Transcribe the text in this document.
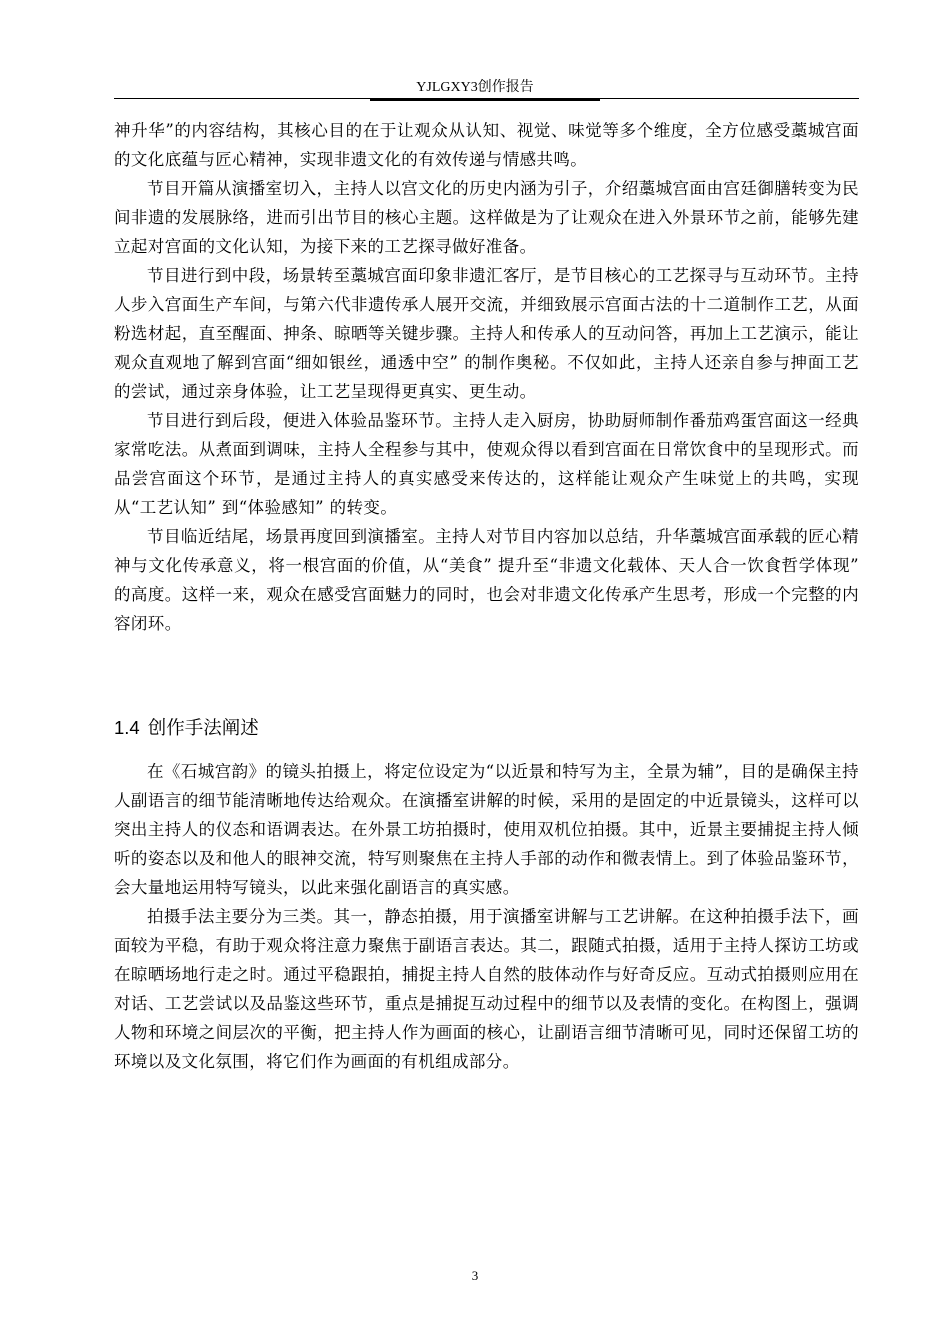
YJLGXY3创作报告

神升华”的内容结构，其核心目的在于让观众从认知、视觉、味觉等多个维度，全方位感受藁城宫面的文化底蕴与匠心精神，实现非遗文化的有效传递与情感共鸣。

节目开篇从演播室切入，主持人以宫文化的历史内涵为引子，介绍藁城宫面由宫廷御膳转变为民间非遗的发展脉络，进而引出节目的核心主题。这样做是为了让观众在进入外景环节之前，能够先建立起对宫面的文化认知，为接下来的工艺探寻做好准备。

节目进行到中段，场景转至藁城宫面印象非遗汇客厅，是节目核心的工艺探寻与互动环节。主持人步入宫面生产车间，与第六代非遗传承人展开交流，并细致展示宫面古法的十二道制作工艺，从面粉选材起，直至醒面、抻条、晾晒等关键步骤。主持人和传承人的互动问答，再加上工艺演示，能让观众直观地了解到宫面“细如银丝，通透中空” 的制作奥秘。不仅如此，主持人还亲自参与抻面工艺的尝试，通过亲身体验，让工艺呈现得更真实、更生动。

节目进行到后段，便进入体验品鉴环节。主持人走入厨房，协助厨师制作番茄鸡蛋宫面这一经典家常吃法。从煮面到调味，主持人全程参与其中，使观众得以看到宫面在日常饮食中的呈现形式。而品尝宫面这个环节，是通过主持人的真实感受来传达的，这样能让观众产生味觉上的共鸣，实现从“工艺认知” 到“体验感知” 的转变。

节目临近结尾，场景再度回到演播室。主持人对节目内容加以总结，升华藁城宫面承载的匠心精神与文化传承意义，将一根宫面的价值，从“美食” 提升至“非遗文化载体、天人合一饮食哲学体现” 的高度。这样一来，观众在感受宫面魅力的同时，也会对非遗文化传承产生思考，形成一个完整的内容闭环。

1.4 创作手法阐述

在《石城宫韵》的镜头拍摄上，将定位设定为“以近景和特写为主，全景为辅”，目的是确保主持人副语言的细节能清晰地传达给观众。在演播室讲解的时候，采用的是固定的中近景镜头，这样可以突出主持人的仪态和语调表达。在外景工坊拍摄时，使用双机位拍摄。其中，近景主要捕捉主持人倾听的姿态以及和他人的眼神交流，特写则聚焦在主持人手部的动作和微表情上。到了体验品鉴环节，会大量地运用特写镜头，以此来强化副语言的真实感。

拍摄手法主要分为三类。其一，静态拍摄，用于演播室讲解与工艺讲解。在这种拍摄手法下，画面较为平稳，有助于观众将注意力聚焦于副语言表达。其二，跟随式拍摄，适用于主持人探访工坊或在晾晒场地行走之时。通过平稳跟拍，捕捉主持人自然的肢体动作与好奇反应。互动式拍摄则应用在对话、工艺尝试以及品鉴这些环节，重点是捕捉互动过程中的细节以及表情的变化。在构图上，强调人物和环境之间层次的平衡，把主持人作为画面的核心，让副语言细节清晰可见，同时还保留工坊的环境以及文化氛围，将它们作为画面的有机组成部分。

3
